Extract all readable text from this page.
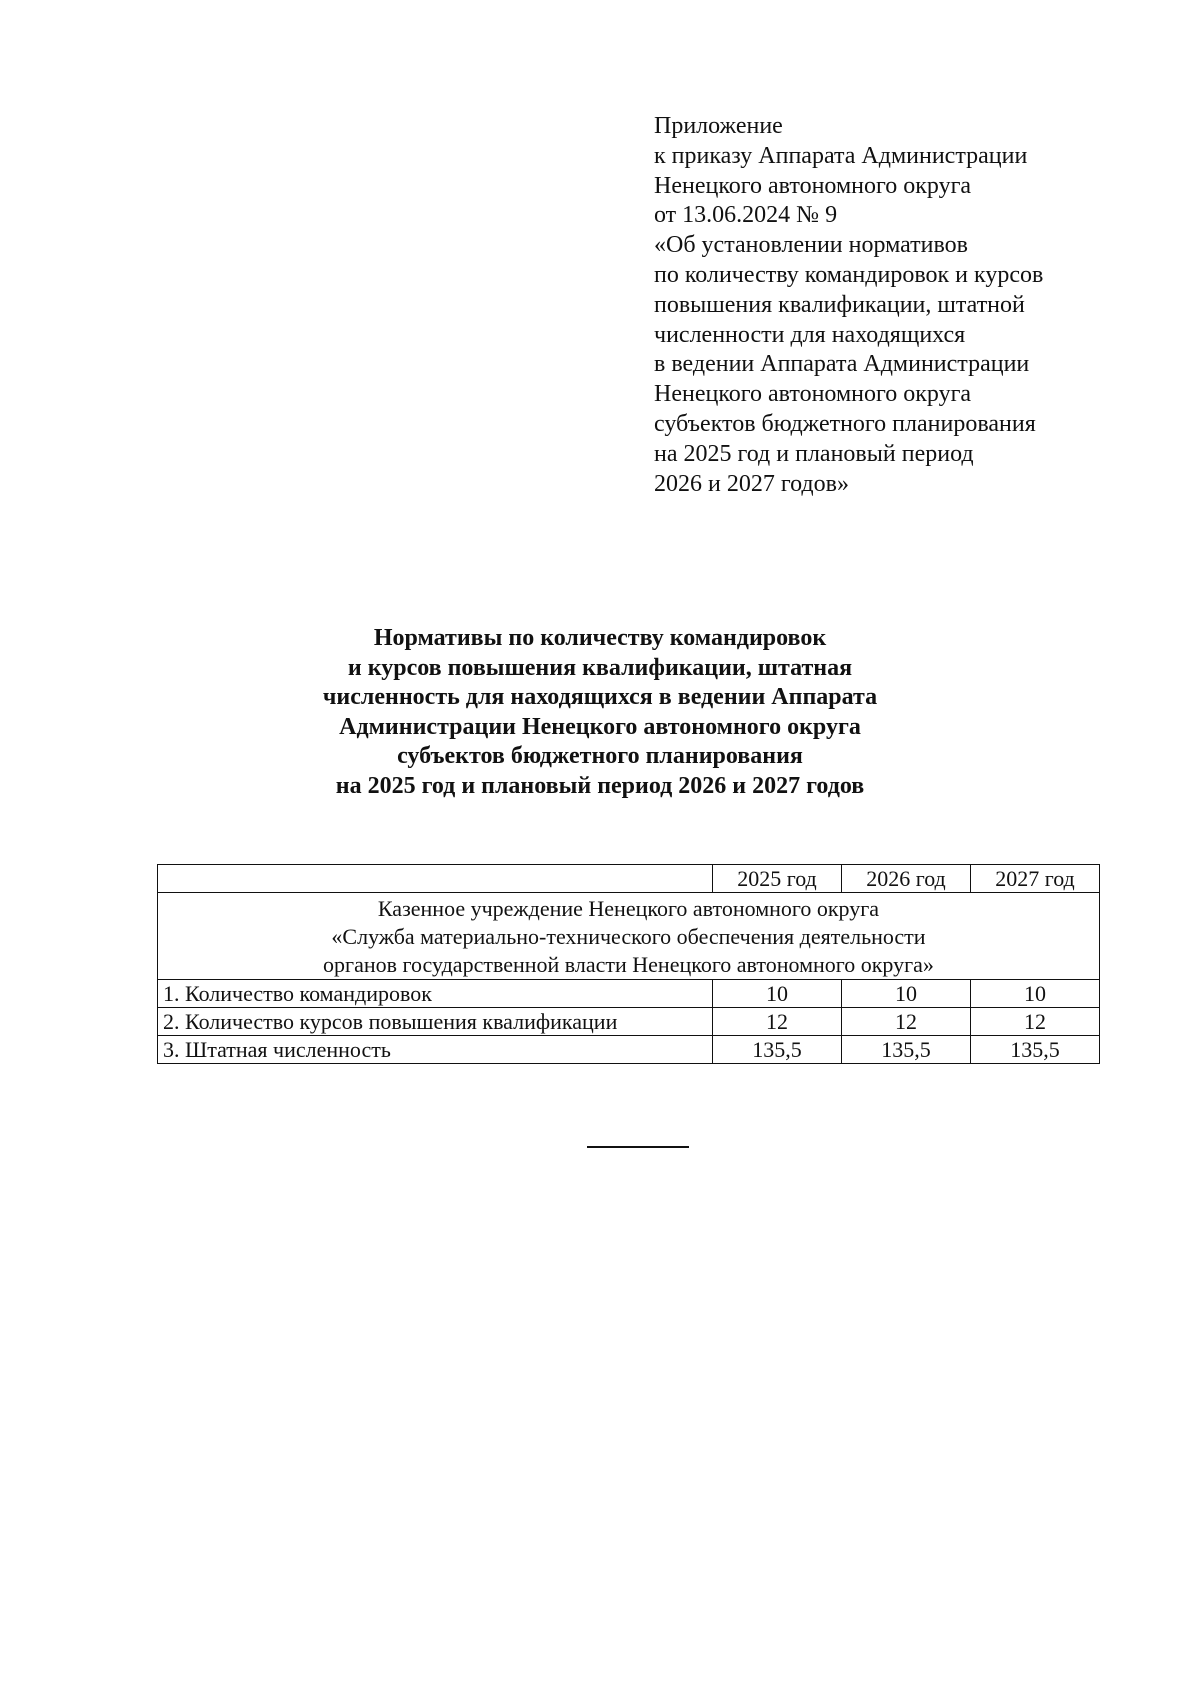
Приложение
к приказу Аппарата Администрации
Ненецкого автономного округа
от 13.06.2024 № 9
«Об установлении нормативов
по количеству командировок и курсов
повышения квалификации, штатной
численности для находящихся
в ведении Аппарата Администрации
Ненецкого автономного округа
субъектов бюджетного планирования
на 2025 год и плановый период
2026 и 2027 годов»
Нормативы по количеству командировок
и курсов повышения квалификации, штатная
численность для находящихся в ведении Аппарата
Администрации Ненецкого автономного округа
субъектов бюджетного планирования
на 2025 год и плановый период 2026 и 2027 годов
	2025 год	2026 год	2027 год

Казенное учреждение Ненецкого автономного округа
«Служба материально-технического обеспечения деятельности
органов государственной власти Ненецкого автономного округа»			

1. Количество командировок	10	10	10
2. Количество курсов повышения квалификации	12	12	12
3. Штатная численность	135,5	135,5	135,5
